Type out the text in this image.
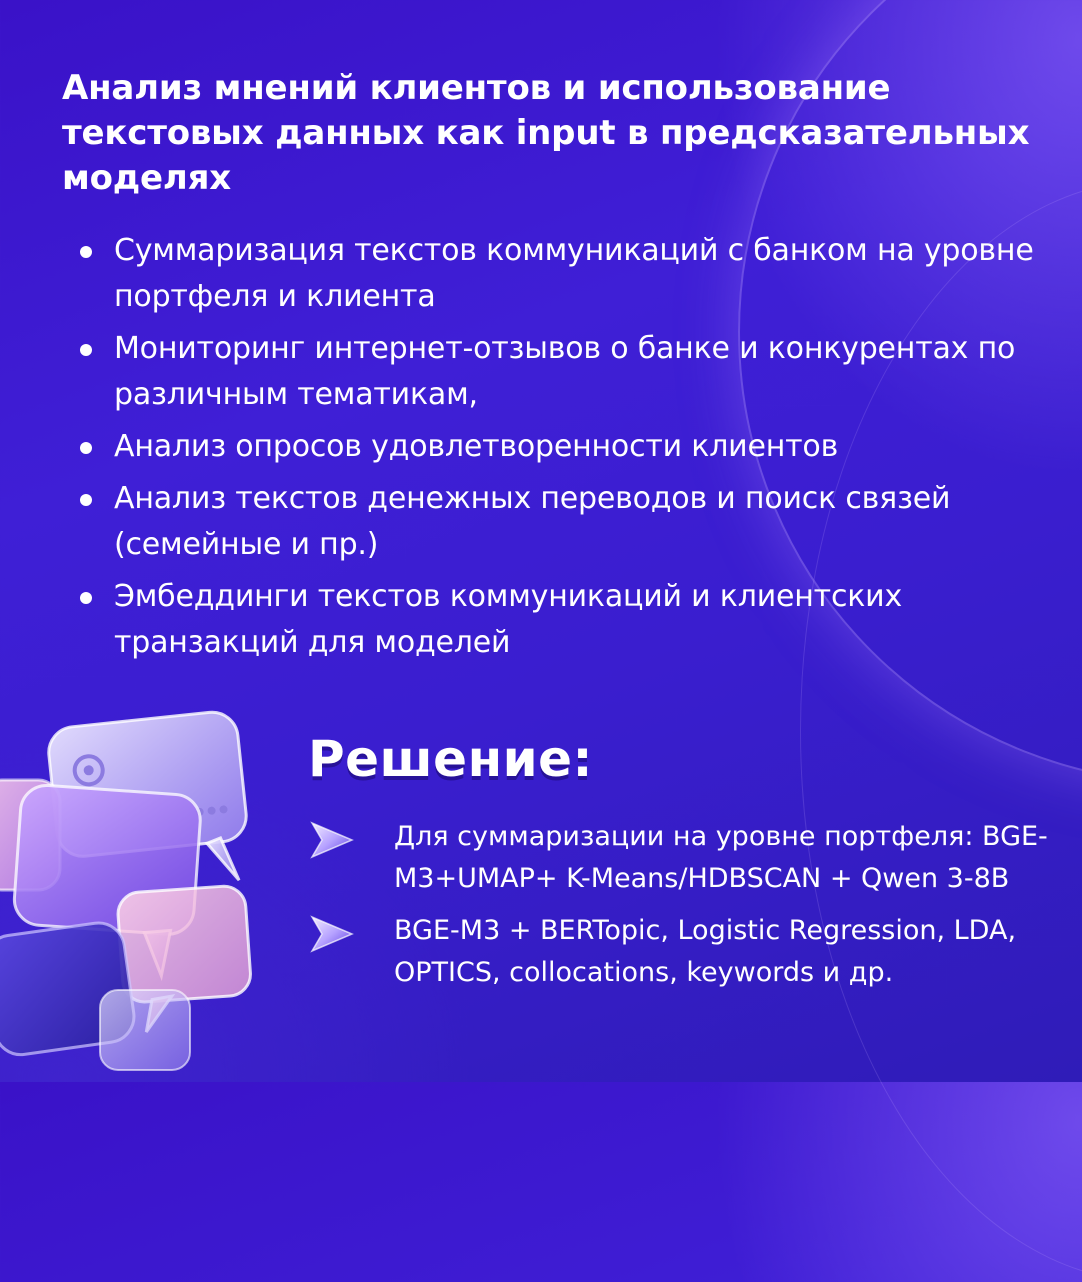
Анализ мнений клиентов и использование текстовых данных как input в предсказательных моделях
Суммаризация текстов коммуникаций с банком на уровне портфеля и клиента
Мониторинг интернет-отзывов о банке и конкурентах по различным тематикам,
Анализ опросов удовлетворенности клиентов
Анализ текстов денежных переводов и поиск связей (семейные и пр.)
Эмбеддинги текстов коммуникаций и клиентских транзакций для моделей
Решение:
Для суммаризации на уровне портфеля: BGE-M3+UMAP+ K-Means/HDBSCAN + Qwen 3-8B
BGE-M3 + BERTopic, Logistic Regression, LDA, OPTICS, collocations, keywords и др.
